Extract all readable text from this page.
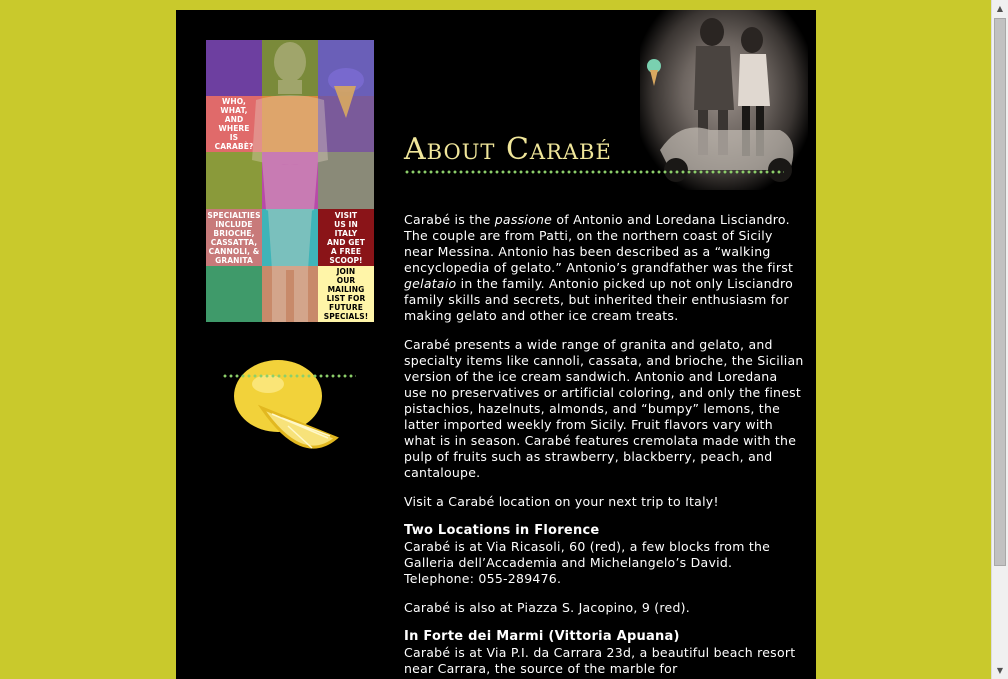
WHO,
WHAT,
AND
WHERE
IS
CARABÈ?
SPECIALTIES
INCLUDE
BRIOCHE,
CASSATTA,
CANNOLI, &
GRANITA
VISIT
US IN
ITALY
AND GET
A FREE
SCOOP!
JOIN
OUR
MAILING
LIST FOR
FUTURE
SPECIALS!
About Carabé

Carabé is the passione of Antonio and Loredana Lisciandro. The couple are from Patti, on the northern coast of Sicily near Messina. Antonio has been described as a “walking encyclopedia of gelato.” Antonio’s grandfather was the first gelataio in the family. Antonio picked up not only Lisciandro family skills and secrets, but inherited their enthusiasm for making gelato and other ice cream treats.

Carabé presents a wide range of granita and gelato, and specialty items like cannoli, cassata, and brioche, the Sicilian version of the ice cream sandwich. Antonio and Loredana use no preservatives or artificial coloring, and only the finest pistachios, hazelnuts, almonds, and “bumpy” lemons, the latter imported weekly from Sicily. Fruit flavors vary with what is in season. Carabé features cremolata made with the pulp of fruits such as strawberry, blackberry, peach, and cantaloupe.

Visit a Carabé location on your next trip to Italy!

Two Locations in Florence

Carabé is at Via Ricasoli, 60 (red), a few blocks from the Galleria dell’Accademia and Michelangelo’s David. Telephone: 055-289476.

Carabé is also at Piazza S. Jacopino, 9 (red).

In Forte dei Marmi (Vittoria Apuana)

Carabé is at Via P.I. da Carrara 23d, a beautiful beach resort near Carrara, the source of the marble for

▲
▼
